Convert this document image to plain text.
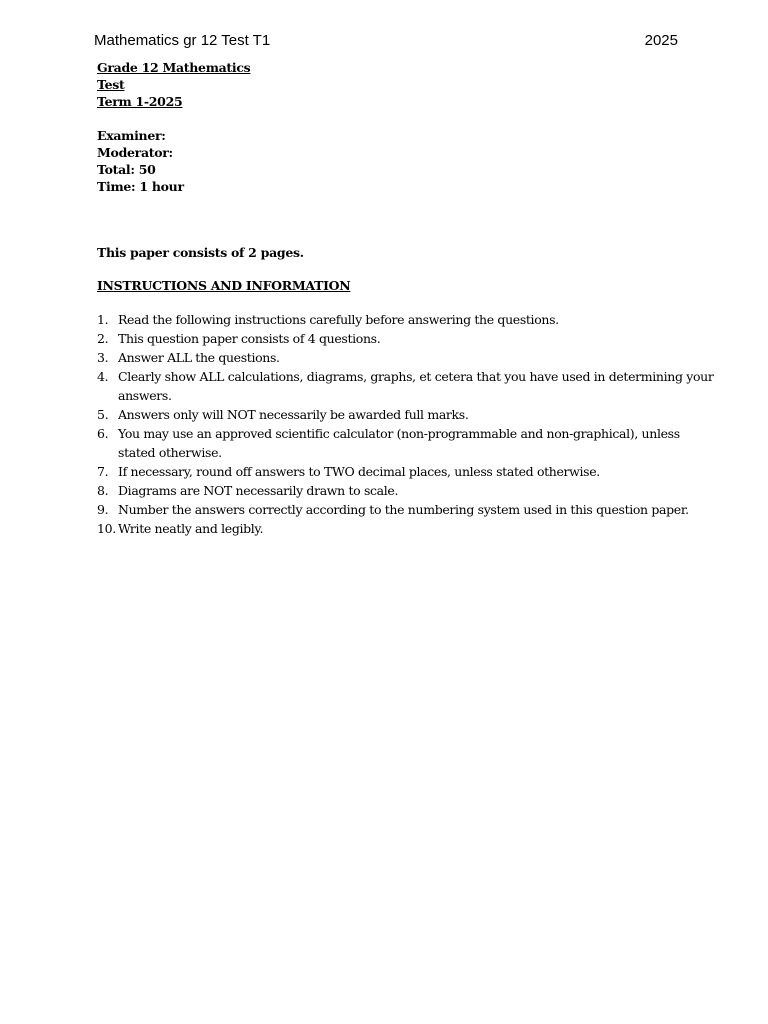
Mathematics gr 12 Test T1	2025
Grade 12 Mathematics
Test
Term 1-2025
Examiner:
Moderator:
Total: 50
Time: 1 hour
This paper consists of 2 pages.
INSTRUCTIONS AND INFORMATION
1. Read the following instructions carefully before answering the questions.
2. This question paper consists of 4 questions.
3. Answer ALL the questions.
4. Clearly show ALL calculations, diagrams, graphs, et cetera that you have used in determining your answers.
5. Answers only will NOT necessarily be awarded full marks.
6. You may use an approved scientific calculator (non-programmable and non-graphical), unless stated otherwise.
7. If necessary, round off answers to TWO decimal places, unless stated otherwise.
8. Diagrams are NOT necessarily drawn to scale.
9. Number the answers correctly according to the numbering system used in this question paper.
10. Write neatly and legibly.
